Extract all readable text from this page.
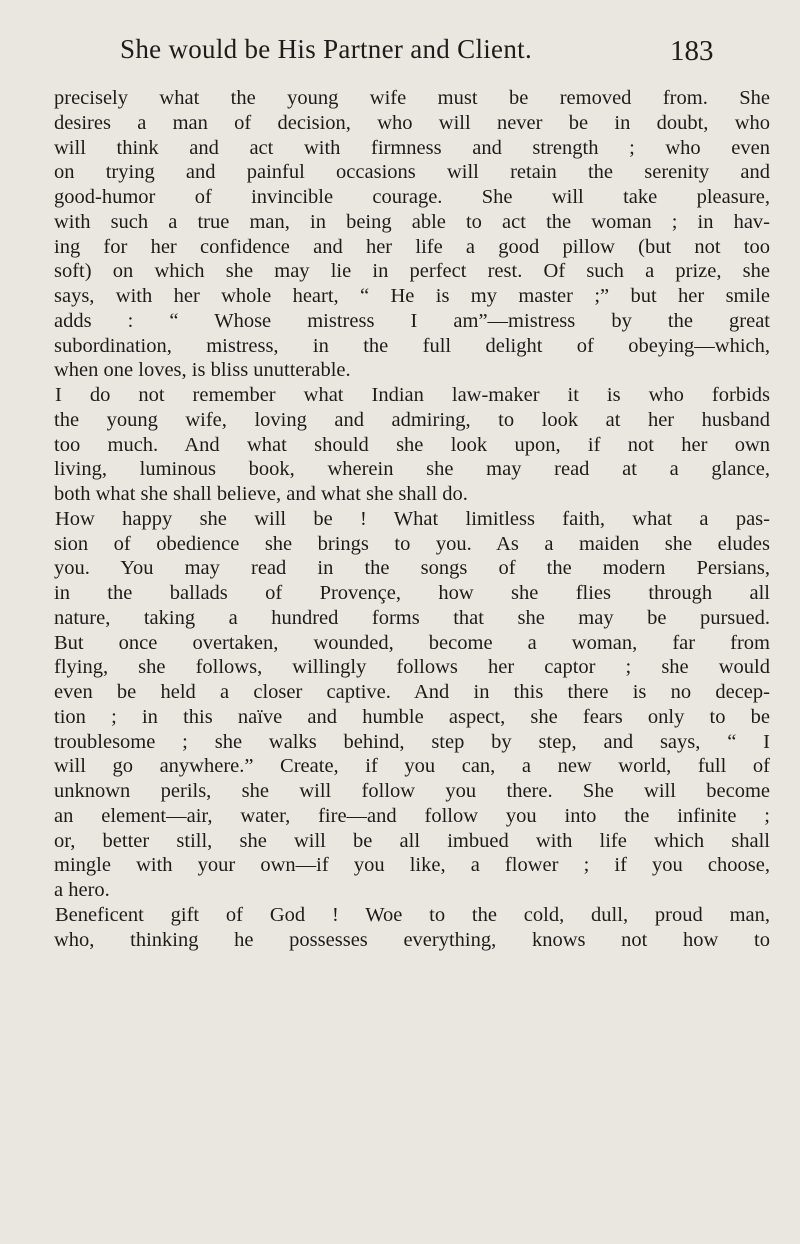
She would be His Partner and Client.	183
precisely what the young wife must be removed from. She
desires a man of decision, who will never be in doubt, who
will think and act with firmness and strength ; who even
on trying and painful occasions will retain the serenity and
good-humor of invincible courage. She will take pleasure,
with such a true man, in being able to act the woman ; in hav-
ing for her confidence and her life a good pillow (but not too
soft) on which she may lie in perfect rest. Of such a prize, she
says, with her whole heart, “ He is my master ;” but her smile
adds : “ Whose mistress I am”—mistress by the great
subordination, mistress, in the full delight of obeying—which,
when one loves, is bliss unutterable.
I do not remember what Indian law-maker it is who forbids
the young wife, loving and admiring, to look at her husband
too much. And what should she look upon, if not her own
living, luminous book, wherein she may read at a glance,
both what she shall believe, and what she shall do.
How happy she will be ! What limitless faith, what a pas-
sion of obedience she brings to you. As a maiden she eludes
you. You may read in the songs of the modern Persians,
in the ballads of Provençe, how she flies through all
nature, taking a hundred forms that she may be pursued.
But once overtaken, wounded, become a woman, far from
flying, she follows, willingly follows her captor ; she would
even be held a closer captive. And in this there is no decep-
tion ; in this naïve and humble aspect, she fears only to be
troublesome ; she walks behind, step by step, and says, “ I
will go anywhere.” Create, if you can, a new world, full of
unknown perils, she will follow you there. She will become
an element—air, water, fire—and follow you into the infinite ;
or, better still, she will be all imbued with life which shall
mingle with your own—if you like, a flower ; if you choose,
a hero.
Beneficent gift of God ! Woe to the cold, dull, proud man,
who, thinking he possesses everything, knows not how to
